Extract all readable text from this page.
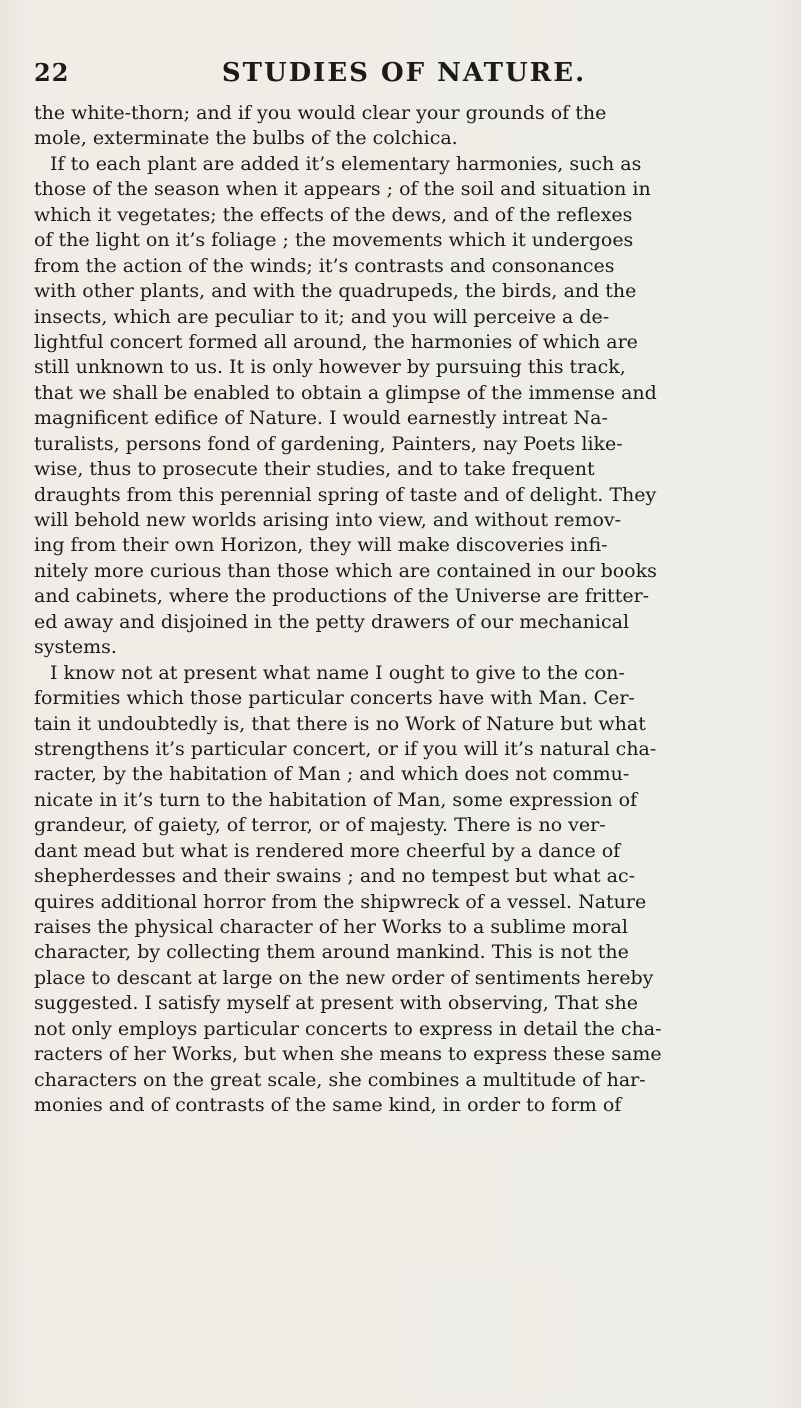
22	STUDIES OF NATURE.
the white-thorn; and if you would clear your grounds of the
mole, exterminate the bulbs of the colchica.
If to each plant are added it’s elementary harmonies, such as
those of the season when it appears ; of the soil and situation in
which it vegetates; the effects of the dews, and of the reflexes
of the light on it’s foliage ; the movements which it undergoes
from the action of the winds; it’s contrasts and consonances
with other plants, and with the quadrupeds, the birds, and the
insects, which are peculiar to it; and you will perceive a de-
lightful concert formed all around, the harmonies of which are
still unknown to us. It is only however by pursuing this track,
that we shall be enabled to obtain a glimpse of the immense and
magnificent edifice of Nature. I would earnestly intreat Na-
turalists, persons fond of gardening, Painters, nay Poets like-
wise, thus to prosecute their studies, and to take frequent
draughts from this perennial spring of taste and of delight. They
will behold new worlds arising into view, and without remov-
ing from their own Horizon, they will make discoveries infi-
nitely more curious than those which are contained in our books
and cabinets, where the productions of the Universe are fritter-
ed away and disjoined in the petty drawers of our mechanical
systems.
I know not at present what name I ought to give to the con-
formities which those particular concerts have with Man. Cer-
tain it undoubtedly is, that there is no Work of Nature but what
strengthens it’s particular concert, or if you will it’s natural cha-
racter, by the habitation of Man ; and which does not commu-
nicate in it’s turn to the habitation of Man, some expression of
grandeur, of gaiety, of terror, or of majesty. There is no ver-
dant mead but what is rendered more cheerful by a dance of
shepherdesses and their swains ; and no tempest but what ac-
quires additional horror from the shipwreck of a vessel. Nature
raises the physical character of her Works to a sublime moral
character, by collecting them around mankind. This is not the
place to descant at large on the new order of sentiments hereby
suggested. I satisfy myself at present with observing, That she
not only employs particular concerts to express in detail the cha-
racters of her Works, but when she means to express these same
characters on the great scale, she combines a multitude of har-
monies and of contrasts of the same kind, in order to form of
